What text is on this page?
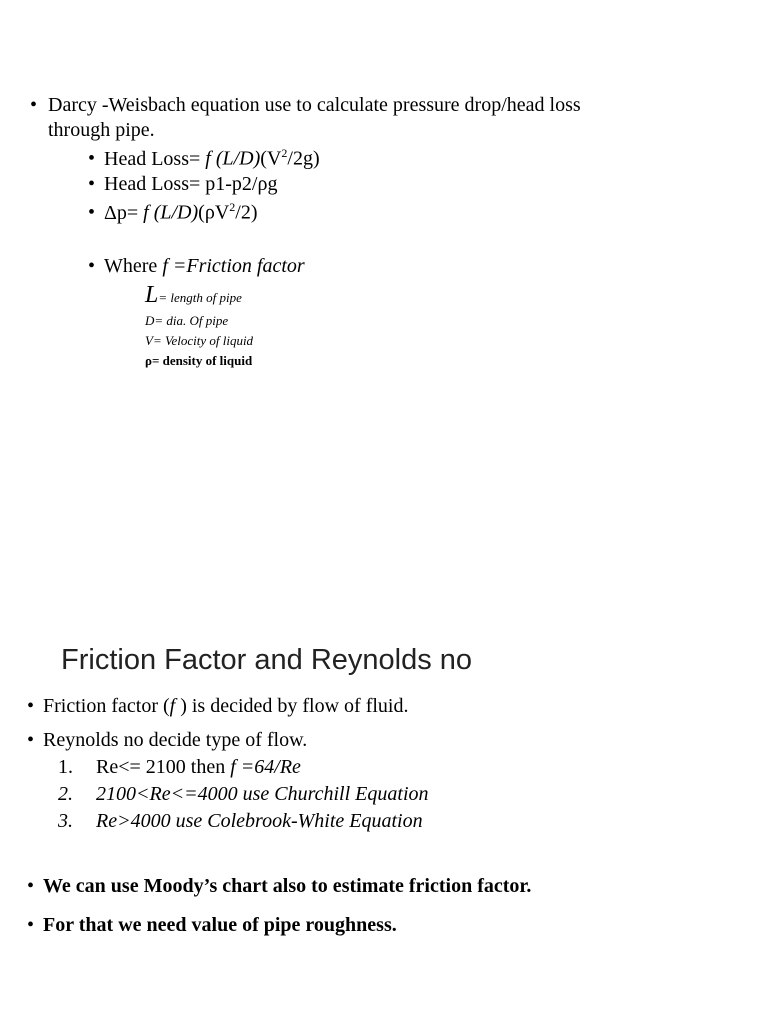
• Darcy -Weisbach equation use to calculate pressure drop/head loss
through pipe.
• Head Loss= f $(L/D)(V^2/2g)$
• Head Loss= p1-p2/ρg
• Δp= f $(L/D)(\rho V^2/2)$
• Where f =Friction factor
L= length of pipe
D= dia. Of pipe
V= Velocity of liquid
ρ= density of liquid
Friction Factor and Reynolds no
• Friction factor (f ) is decided by flow of fluid.
• Reynolds no decide type of flow.
1. Re<= 2100 then f =64/Re
2. 2100<Re<=4000 use Churchill Equation
3. Re>4000 use Colebrook-White Equation
• We can use Moody’s chart also to estimate friction factor.
• For that we need value of pipe roughness.
